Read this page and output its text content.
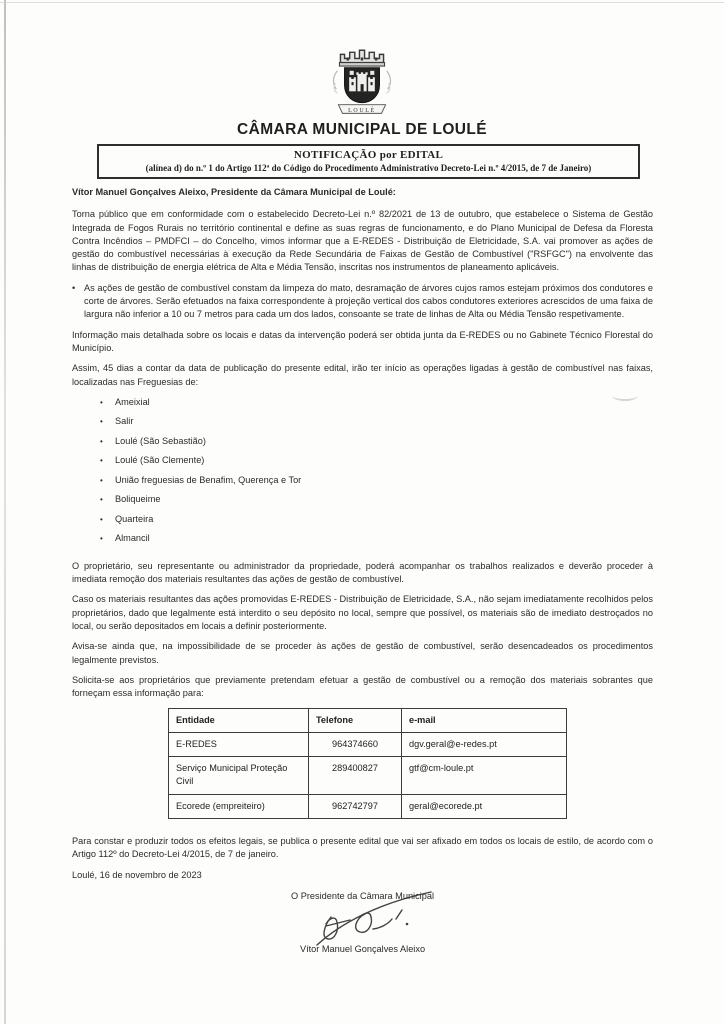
LOULÉ
CÂMARA MUNICIPAL DE LOULÉ
NOTIFICAÇÃO por EDITAL
(alínea d) do n.º 1 do Artigo 112ª do Código do Procedimento Administrativo Decreto-Lei n.º 4/2015, de 7 de Janeiro)

Vítor Manuel Gonçalves Aleixo, Presidente da Câmara Municipal de Loulé:

Torna público que em conformidade com o estabelecido Decreto-Lei n.º 82/2021 de 13 de outubro, que estabelece o Sistema de Gestão Integrada de Fogos Rurais no território continental e define as suas regras de funcionamento, e do Plano Municipal de Defesa da Floresta Contra Incêndios – PMDFCI – do Concelho, vimos informar que a E-REDES - Distribuição de Eletricidade, S.A. vai promover as ações de gestão do combustível necessárias à execução da Rede Secundária de Faixas de Gestão de Combustível ("RSFGC") na envolvente das linhas de distribuição de energia elétrica de Alta e Média Tensão, inscritas nos instrumentos de planeamento aplicáveis.

• As ações de gestão de combustível constam da limpeza do mato, desramação de árvores cujos ramos estejam próximos dos condutores e corte de árvores. Serão efetuados na faixa correspondente à projeção vertical dos cabos condutores exteriores acrescidos de uma faixa de largura não inferior a 10 ou 7 metros para cada um dos lados, consoante se trate de linhas de Alta ou Média Tensão respetivamente.

Informação mais detalhada sobre os locais e datas da intervenção poderá ser obtida junta da E-REDES ou no Gabinete Técnico Florestal do Município.

Assim, 45 dias a contar da data de publicação do presente edital, irão ter início as operações ligadas à gestão de combustível nas faixas, localizadas nas Freguesias de:

•	Ameixial
•	Salir
•	Loulé (São Sebastião)
•	Loulé (São Clemente)
•	União freguesias de Benafim, Querença e Tor
•	Boliqueime
•	Quarteira
•	Almancil

O proprietário, seu representante ou administrador da propriedade, poderá acompanhar os trabalhos realizados e deverão proceder à imediata remoção dos materiais resultantes das ações de gestão de combustível.

Caso os materiais resultantes das ações promovidas E-REDES - Distribuição de Eletricidade, S.A., não sejam imediatamente recolhidos pelos proprietários, dado que legalmente está interdito o seu depósito no local, sempre que possível, os materiais são de imediato destroçados no local, ou serão depositados em locais a definir posteriormente.

Avisa-se ainda que, na impossibilidade de se proceder às ações de gestão de combustível, serão desencadeados os procedimentos legalmente previstos.

Solicita-se aos proprietários que previamente pretendam efetuar a gestão de combustível ou a remoção dos materiais sobrantes que forneçam essa informação para:

Entidade	Telefone	e-mail
E-REDES	964374660	dgv.geral@e-redes.pt
Serviço Municipal Proteção Civil	289400827	gtf@cm-loule.pt
Ecorede (empreiteiro)	962742797	geral@ecorede.pt

Para constar e produzir todos os efeitos legais, se publica o presente edital que vai ser afixado em todos os locais de estilo, de acordo com o Artigo 112º do Decreto-Lei 4/2015, de 7 de janeiro.

Loulé, 16 de novembro de 2023

O Presidente da Câmara Municipal
Vítor Manuel Gonçalves Aleixo
